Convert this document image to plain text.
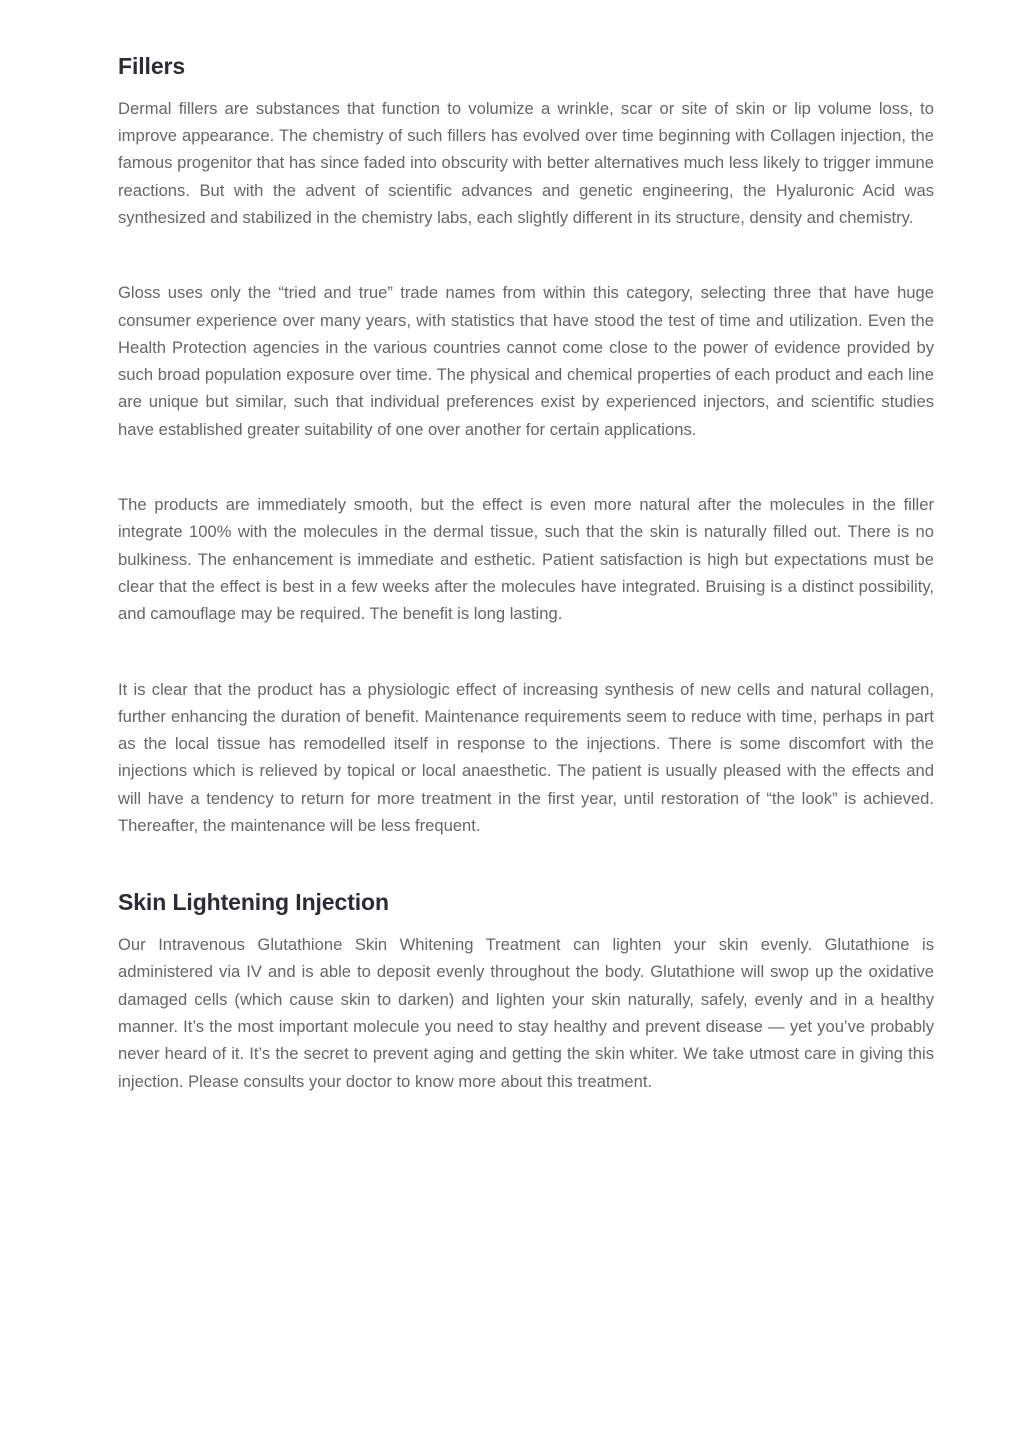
Fillers

Dermal fillers are substances that function to volumize a wrinkle, scar or site of skin or lip volume loss, to improve appearance. The chemistry of such fillers has evolved over time beginning with Collagen injection, the famous progenitor that has since faded into obscurity with better alternatives much less likely to trigger immune reactions. But with the advent of scientific advances and genetic engineering, the Hyaluronic Acid was synthesized and stabilized in the chemistry labs, each slightly different in its structure, density and chemistry.

Gloss uses only the “tried and true” trade names from within this category, selecting three that have huge consumer experience over many years, with statistics that have stood the test of time and utilization. Even the Health Protection agencies in the various countries cannot come close to the power of evidence provided by such broad population exposure over time. The physical and chemical properties of each product and each line are unique but similar, such that individual preferences exist by experienced injectors, and scientific studies have established greater suitability of one over another for certain applications.

The products are immediately smooth, but the effect is even more natural after the molecules in the filler integrate 100% with the molecules in the dermal tissue, such that the skin is naturally filled out. There is no bulkiness. The enhancement is immediate and esthetic. Patient satisfaction is high but expectations must be clear that the effect is best in a few weeks after the molecules have integrated. Bruising is a distinct possibility, and camouflage may be required. The benefit is long lasting.

It is clear that the product has a physiologic effect of increasing synthesis of new cells and natural collagen, further enhancing the duration of benefit. Maintenance requirements seem to reduce with time, perhaps in part as the local tissue has remodelled itself in response to the injections. There is some discomfort with the injections which is relieved by topical or local anaesthetic. The patient is usually pleased with the effects and will have a tendency to return for more treatment in the first year, until restoration of “the look” is achieved. Thereafter, the maintenance will be less frequent.

Skin Lightening Injection

Our Intravenous Glutathione Skin Whitening Treatment can lighten your skin evenly. Glutathione is administered via IV and is able to deposit evenly throughout the body. Glutathione will swop up the oxidative damaged cells (which cause skin to darken) and lighten your skin naturally, safely, evenly and in a healthy manner. It’s the most important molecule you need to stay healthy and prevent disease — yet you’ve probably never heard of it. It’s the secret to prevent aging and getting the skin whiter. We take utmost care in giving this injection. Please consults your doctor to know more about this treatment.
